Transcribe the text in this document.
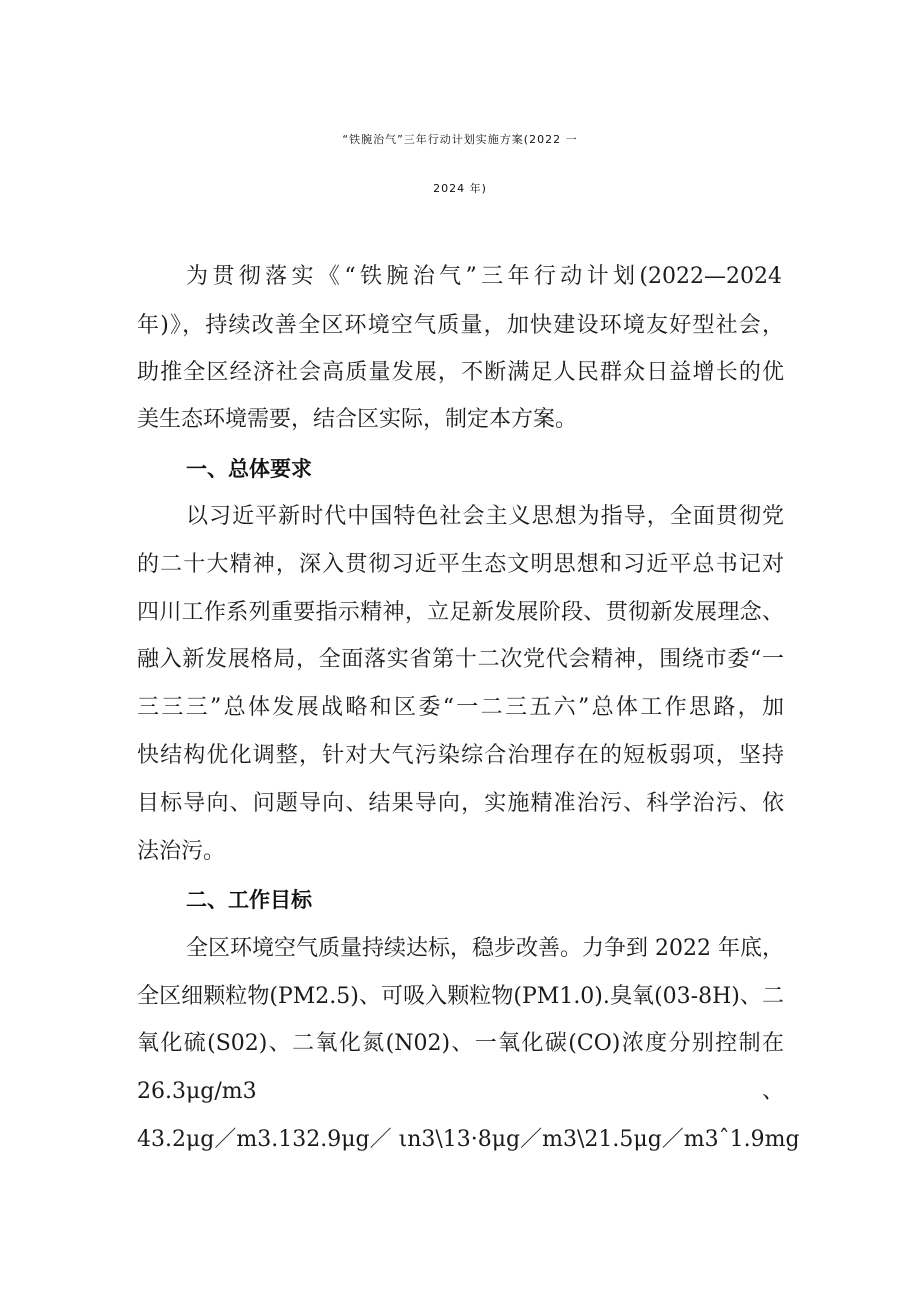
“铁腕治气”三年行动计划实施方案(2022 一
2024 年)
为贯彻落实《“铁腕治气”三年行动计划(2022—2024
年)》，持续改善全区环境空气质量，加快建设环境友好型社会，
助推全区经济社会高质量发展，不断满足人民群众日益增长的优
美生态环境需要，结合区实际，制定本方案。
一、总体要求
以习近平新时代中国特色社会主义思想为指导，全面贯彻党
的二十大精神，深入贯彻习近平生态文明思想和习近平总书记对
四川工作系列重要指示精神，立足新发展阶段、贯彻新发展理念、
融入新发展格局，全面落实省第十二次党代会精神，围绕市委“一
三三三”总体发展战略和区委“一二三五六”总体工作思路，加
快结构优化调整，针对大气污染综合治理存在的短板弱项，坚持
目标导向、问题导向、结果导向，实施精准治污、科学治污、依
法治污。
二、工作目标
全区环境空气质量持续达标，稳步改善。力争到 2022 年底，
全区细颗粒物(PM2.5)、可吸入颗粒物(PM1.0).臭氧(03-8H)、二
氧化硫(S02)、二氧化氮(N02)、一氧化碳(CO)浓度分别控制在
26.3μg/m3	、
43.2μg／m3.132.9μg／ ιn3\13·8μg／m3\21.5μg／m3ˆ1.9mg
